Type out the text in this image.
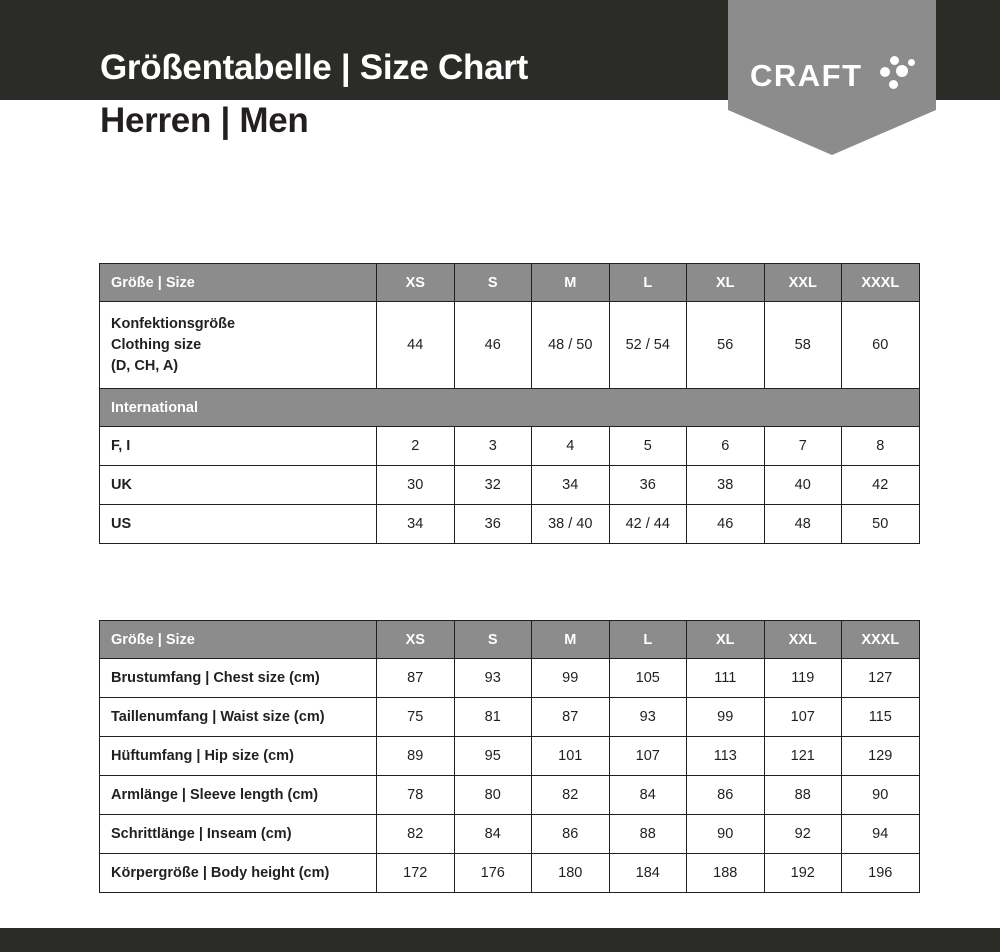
Größentabelle | Size Chart
Herren | Men
CRAFT
Größe | Size	XS	S	M	L	XL	XXL	XXXL

Konfektionsgröße
Clothing size
(D, CH, A)	44	46	48 / 50	52 / 54	56	58	60
International							
F, I	2	3	4	5	6	7	8
UK	30	32	34	36	38	40	42
US	34	36	38 / 40	42 / 44	46	48	50
Größe | Size	XS	S	M	L	XL	XXL	XXXL
Brustumfang | Chest size (cm)	87	93	99	105	111	119	127
Taillenumfang | Waist size (cm)	75	81	87	93	99	107	115
Hüftumfang | Hip size (cm)	89	95	101	107	113	121	129
Armlänge | Sleeve length (cm)	78	80	82	84	86	88	90
Schrittlänge | Inseam (cm)	82	84	86	88	90	92	94
Körpergröße | Body height (cm)	172	176	180	184	188	192	196
